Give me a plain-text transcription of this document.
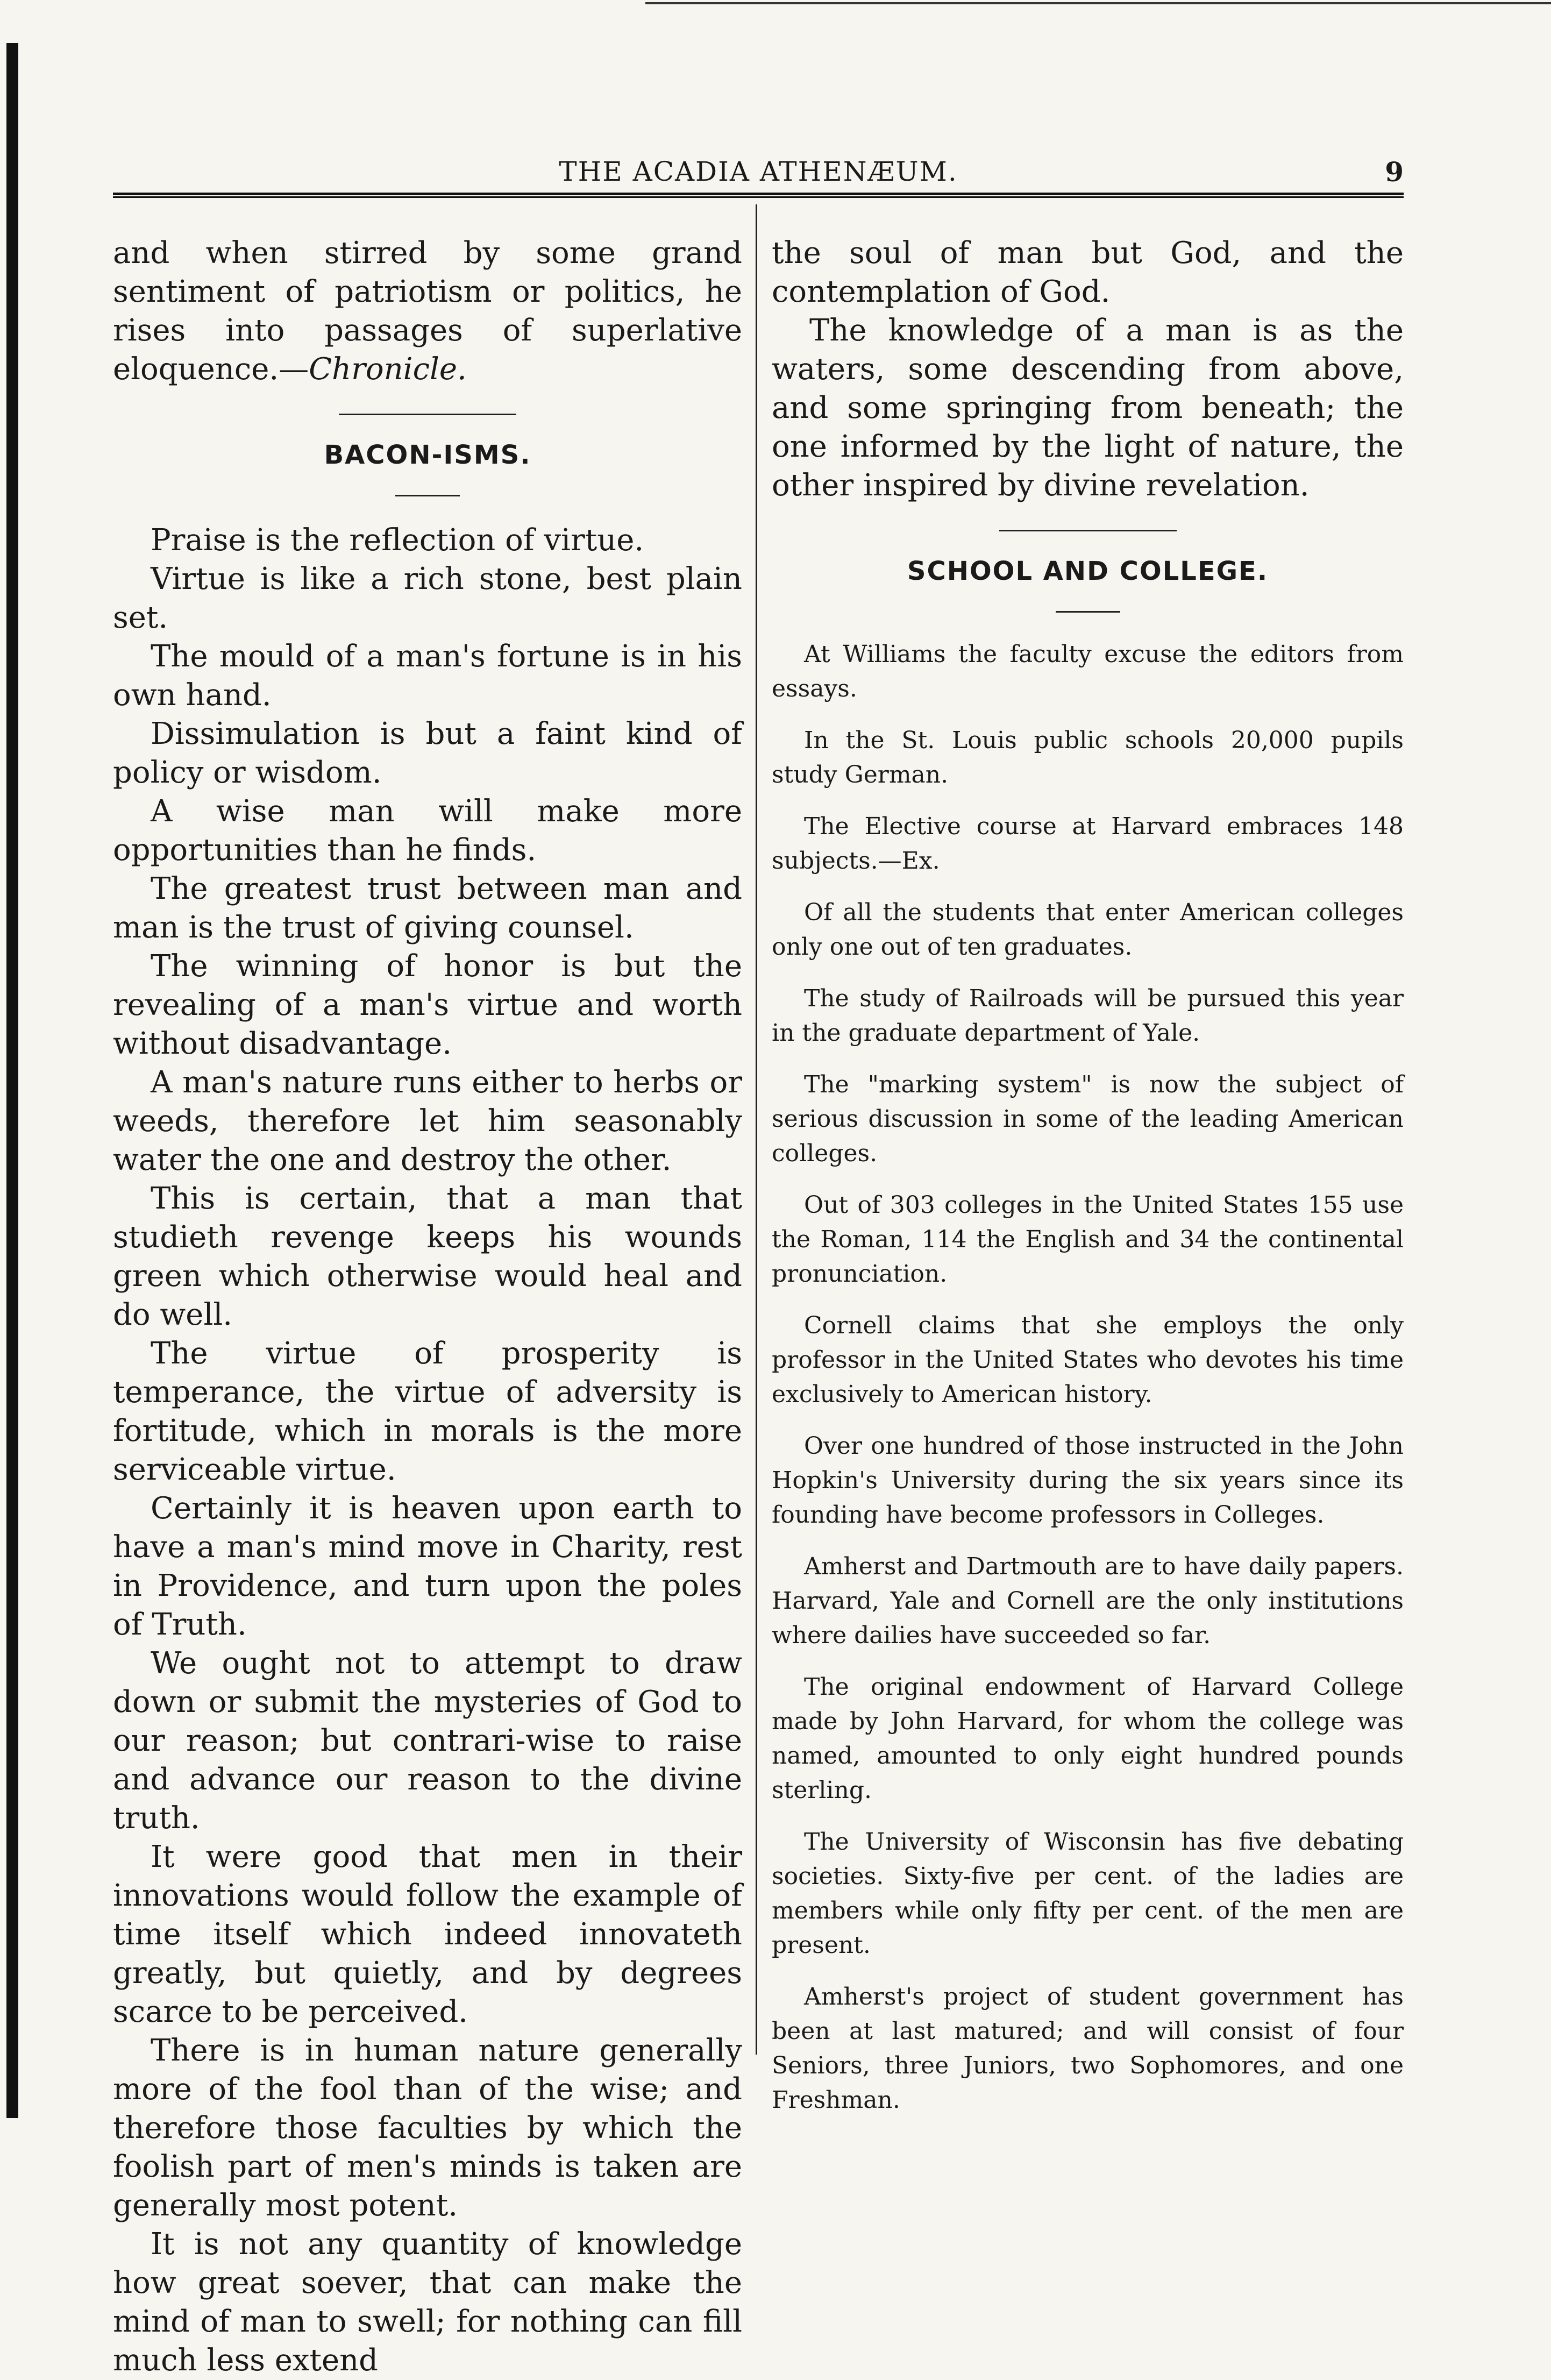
THE ACADIA ATHENÆUM.	9

and when stirred by some grand sentiment of patriotism or politics, he rises into passages of superlative eloquence.—Chronicle.

BACON-ISMS.

Praise is the reflection of virtue.

Virtue is like a rich stone, best plain set.

The mould of a man's fortune is in his own hand.

Dissimulation is but a faint kind of policy or wisdom.

A wise man will make more opportunities than he finds.

The greatest trust between man and man is the trust of giving counsel.

The winning of honor is but the revealing of a man's virtue and worth without disadvantage.

A man's nature runs either to herbs or weeds, therefore let him seasonably water the one and destroy the other.

This is certain, that a man that studieth revenge keeps his wounds green which otherwise would heal and do well.

The virtue of prosperity is temperance, the virtue of adversity is fortitude, which in morals is the more serviceable virtue.

Certainly it is heaven upon earth to have a man's mind move in Charity, rest in Providence, and turn upon the poles of Truth.

We ought not to attempt to draw down or submit the mysteries of God to our reason; but contrari-wise to raise and advance our reason to the divine truth.

It were good that men in their innovations would follow the example of time itself which indeed innovateth greatly, but quietly, and by degrees scarce to be perceived.

There is in human nature generally more of the fool than of the wise; and therefore those faculties by which the foolish part of men's minds is taken are generally most potent.

It is not any quantity of knowledge how great soever, that can make the mind of man to swell; for nothing can fill much less extend

the soul of man but God, and the contemplation of God.

The knowledge of a man is as the waters, some descending from above, and some springing from beneath; the one informed by the light of nature, the other inspired by divine revelation.

SCHOOL AND COLLEGE.

At Williams the faculty excuse the editors from essays.

In the St. Louis public schools 20,000 pupils study German.

The Elective course at Harvard embraces 148 subjects.—Ex.

Of all the students that enter American colleges only one out of ten graduates.

The study of Railroads will be pursued this year in the graduate department of Yale.

The "marking system" is now the subject of serious discussion in some of the leading American colleges.

Out of 303 colleges in the United States 155 use the Roman, 114 the English and 34 the continental pronunciation.

Cornell claims that she employs the only professor in the United States who devotes his time exclusively to American history.

Over one hundred of those instructed in the John Hopkin's University during the six years since its founding have become professors in Colleges.

Amherst and Dartmouth are to have daily papers. Harvard, Yale and Cornell are the only institutions where dailies have succeeded so far.

The original endowment of Harvard College made by John Harvard, for whom the college was named, amounted to only eight hundred pounds sterling.

The University of Wisconsin has five debating societies. Sixty-five per cent. of the ladies are members while only fifty per cent. of the men are present.

Amherst's project of student government has been at last matured; and will consist of four Seniors, three Juniors, two Sophomores, and one Freshman.
